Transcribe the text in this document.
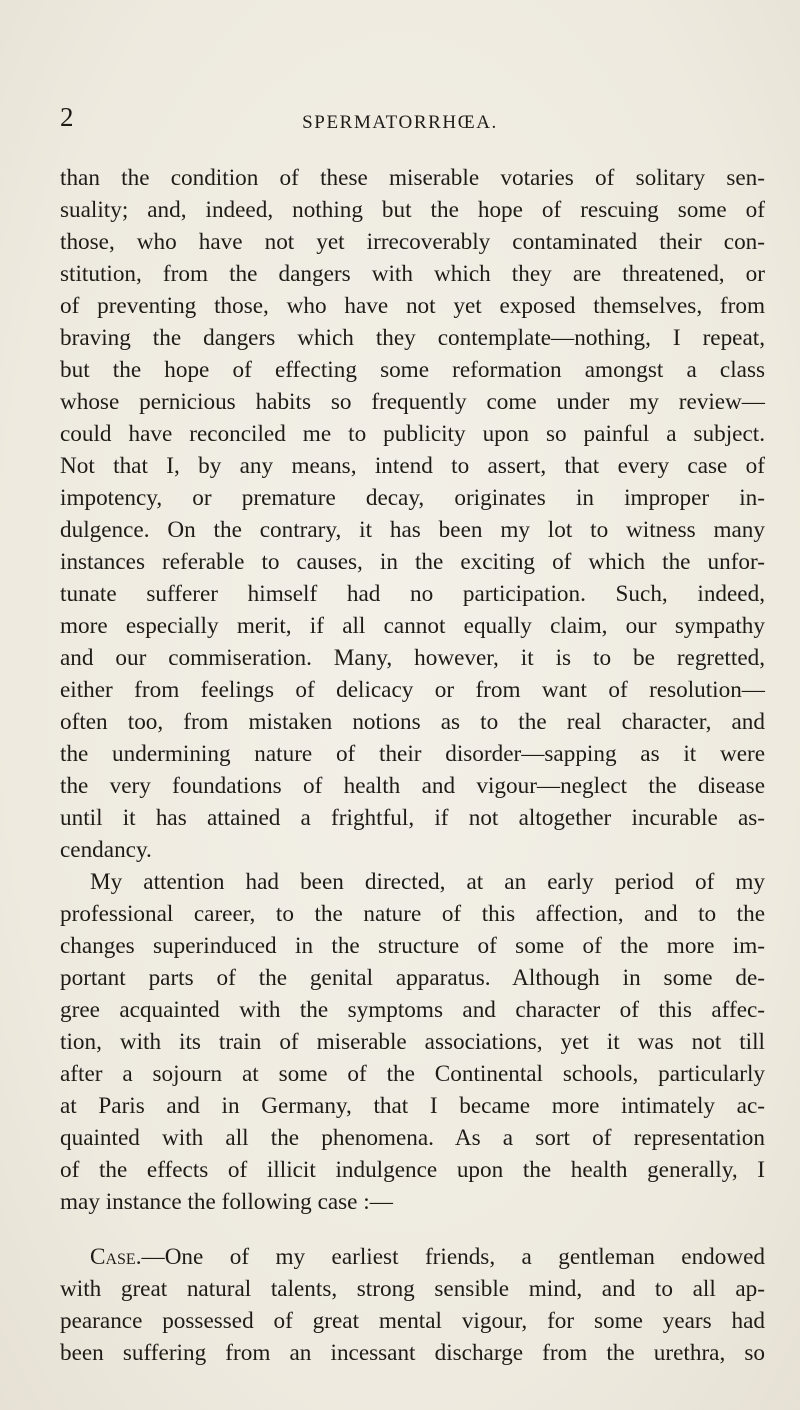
2	SPERMATORRHŒA.
than the condition of these miserable votaries of solitary sen-
suality; and, indeed, nothing but the hope of rescuing some of
those, who have not yet irrecoverably contaminated their con-
stitution, from the dangers with which they are threatened, or
of preventing those, who have not yet exposed themselves, from
braving the dangers which they contemplate—nothing, I repeat,
but the hope of effecting some reformation amongst a class
whose pernicious habits so frequently come under my review—
could have reconciled me to publicity upon so painful a subject.
Not that I, by any means, intend to assert, that every case of
impotency, or premature decay, originates in improper in-
dulgence. On the contrary, it has been my lot to witness many
instances referable to causes, in the exciting of which the unfor-
tunate sufferer himself had no participation. Such, indeed,
more especially merit, if all cannot equally claim, our sympathy
and our commiseration. Many, however, it is to be regretted,
either from feelings of delicacy or from want of resolution—
often too, from mistaken notions as to the real character, and
the undermining nature of their disorder—sapping as it were
the very foundations of health and vigour—neglect the disease
until it has attained a frightful, if not altogether incurable as-
cendancy.
My attention had been directed, at an early period of my
professional career, to the nature of this affection, and to the
changes superinduced in the structure of some of the more im-
portant parts of the genital apparatus. Although in some de-
gree acquainted with the symptoms and character of this affec-
tion, with its train of miserable associations, yet it was not till
after a sojourn at some of the Continental schools, particularly
at Paris and in Germany, that I became more intimately ac-
quainted with all the phenomena. As a sort of representation
of the effects of illicit indulgence upon the health generally, I
may instance the following case :—
Case.—One of my earliest friends, a gentleman endowed
with great natural talents, strong sensible mind, and to all ap-
pearance possessed of great mental vigour, for some years had
been suffering from an incessant discharge from the urethra, so
